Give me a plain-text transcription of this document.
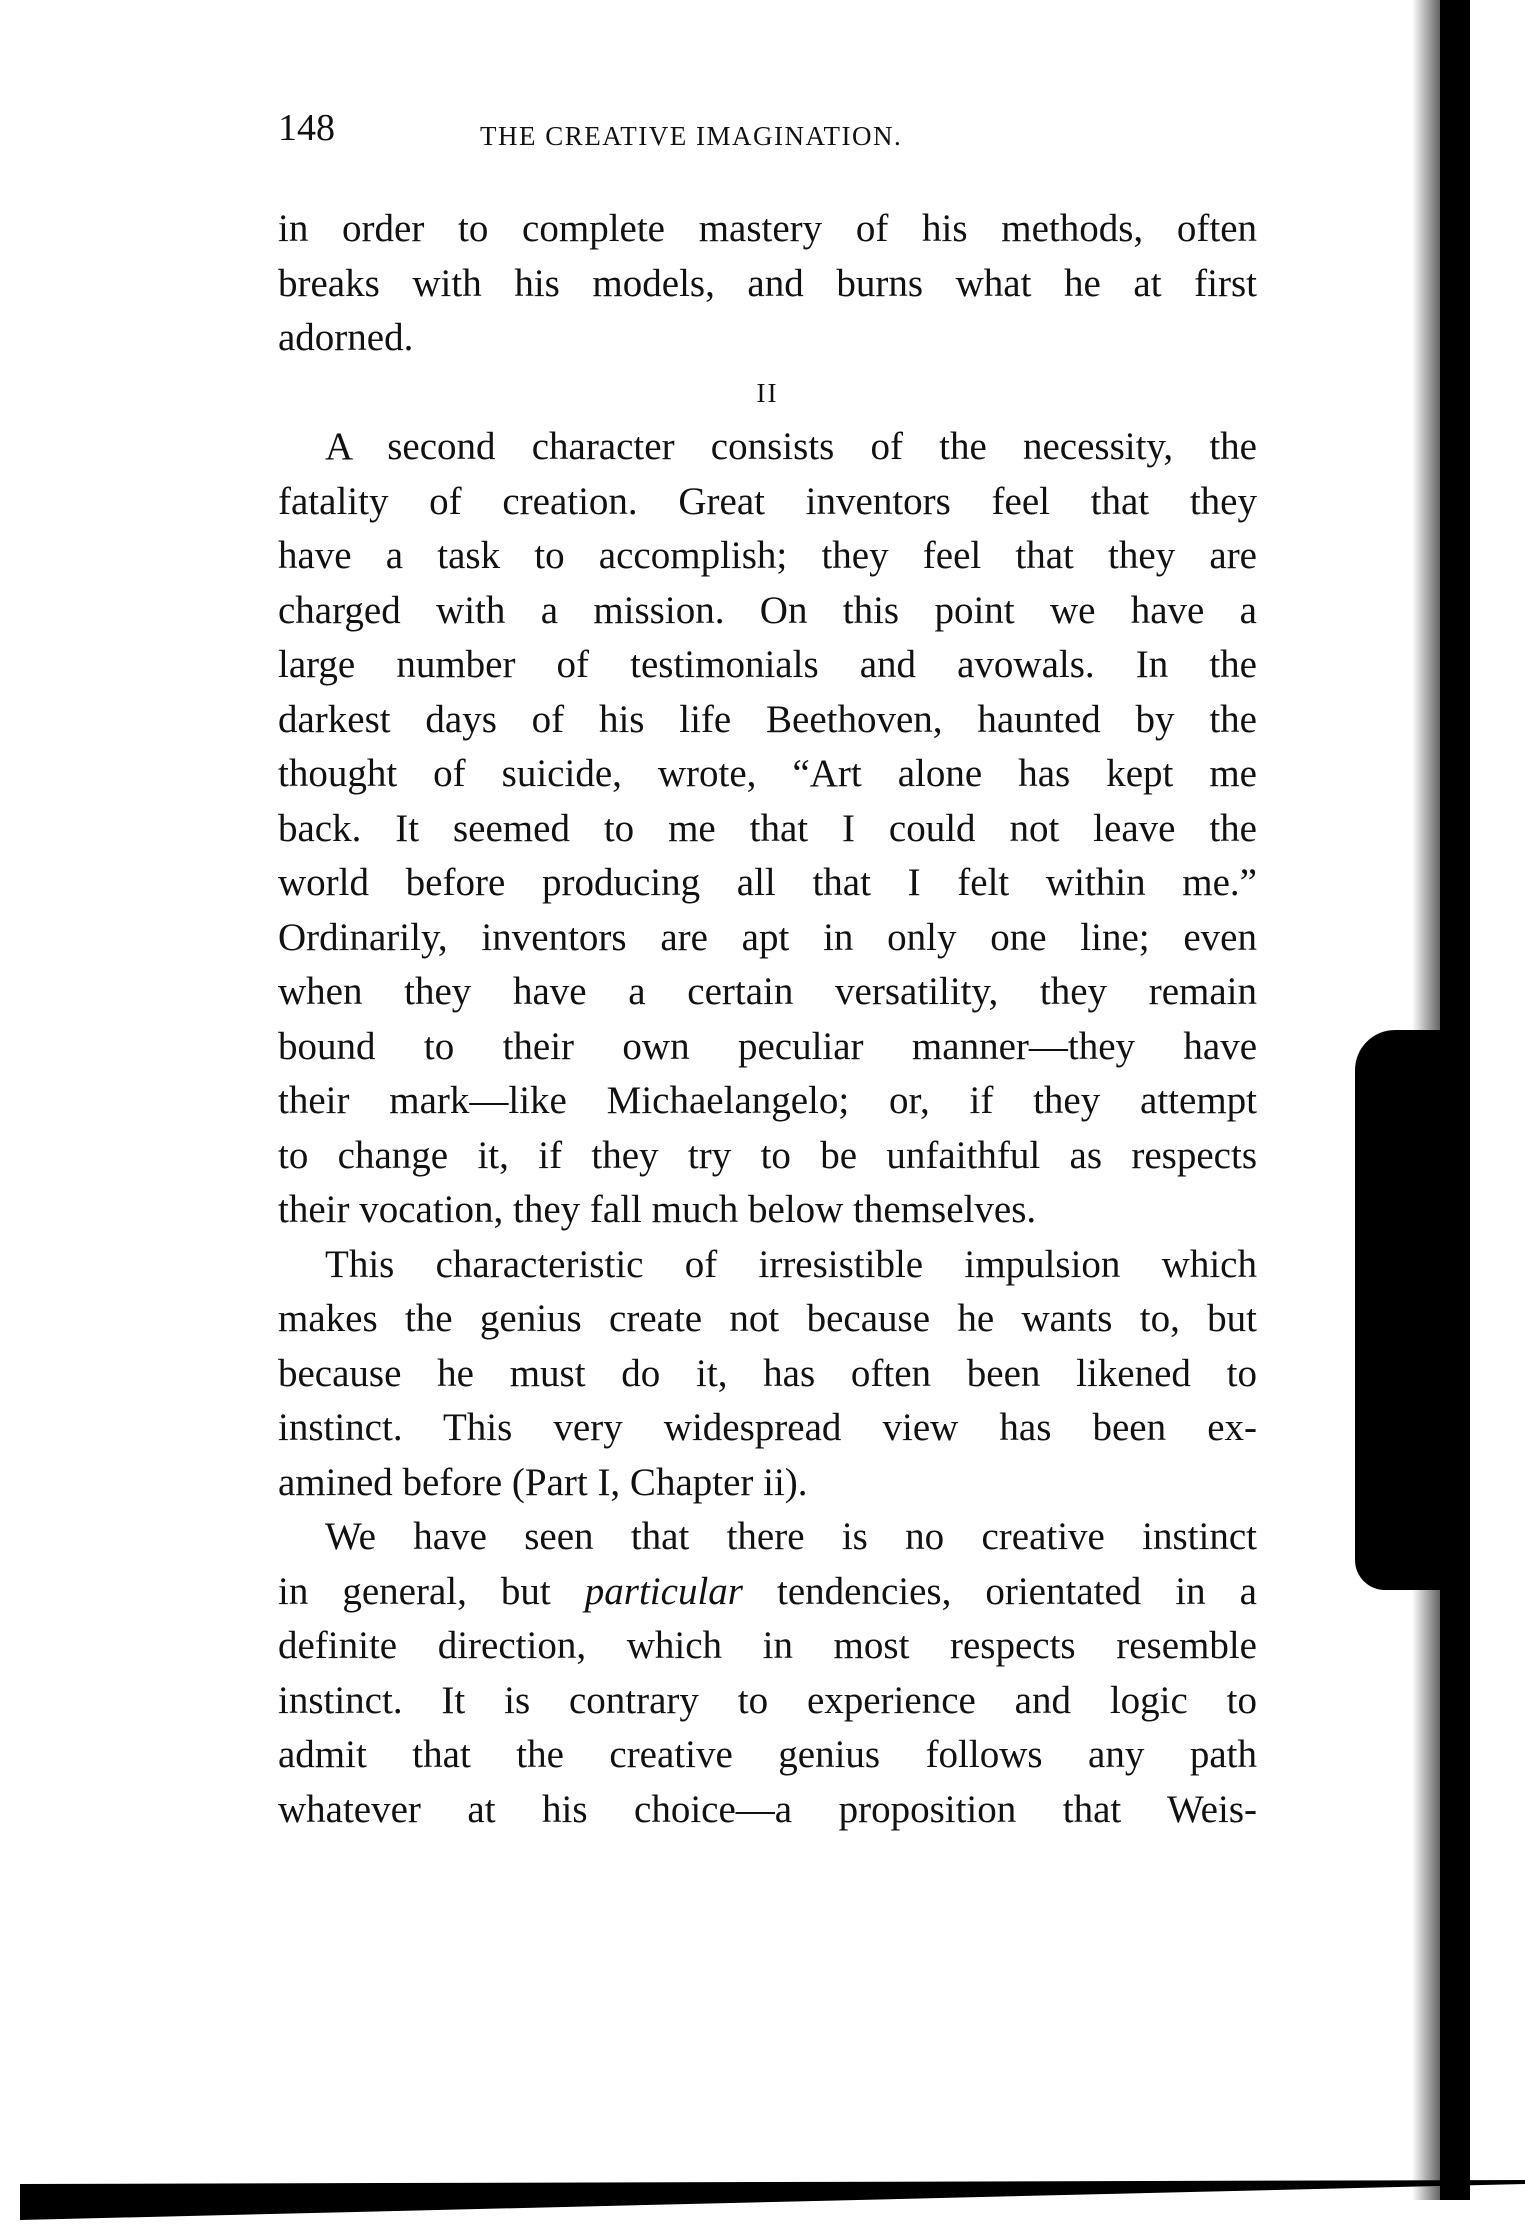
148	THE CREATIVE IMAGINATION.
in order to complete mastery of his methods, often
breaks with his models, and burns what he at first
adorned.
II
A second character consists of the necessity, the
fatality of creation. Great inventors feel that they
have a task to accomplish; they feel that they are
charged with a mission. On this point we have a
large number of testimonials and avowals. In the
darkest days of his life Beethoven, haunted by the
thought of suicide, wrote, “Art alone has kept me
back. It seemed to me that I could not leave the
world before producing all that I felt within me.”
Ordinarily, inventors are apt in only one line; even
when they have a certain versatility, they remain
bound to their own peculiar manner—they have
their mark—like Michaelangelo; or, if they attempt
to change it, if they try to be unfaithful as respects
their vocation, they fall much below themselves.
This characteristic of irresistible impulsion which
makes the genius create not because he wants to, but
because he must do it, has often been likened to
instinct. This very widespread view has been ex-
amined before (Part I, Chapter ii).
We have seen that there is no creative instinct
in general, but particular tendencies, orientated in a
definite direction, which in most respects resemble
instinct. It is contrary to experience and logic to
admit that the creative genius follows any path
whatever at his choice—a proposition that Weis-
